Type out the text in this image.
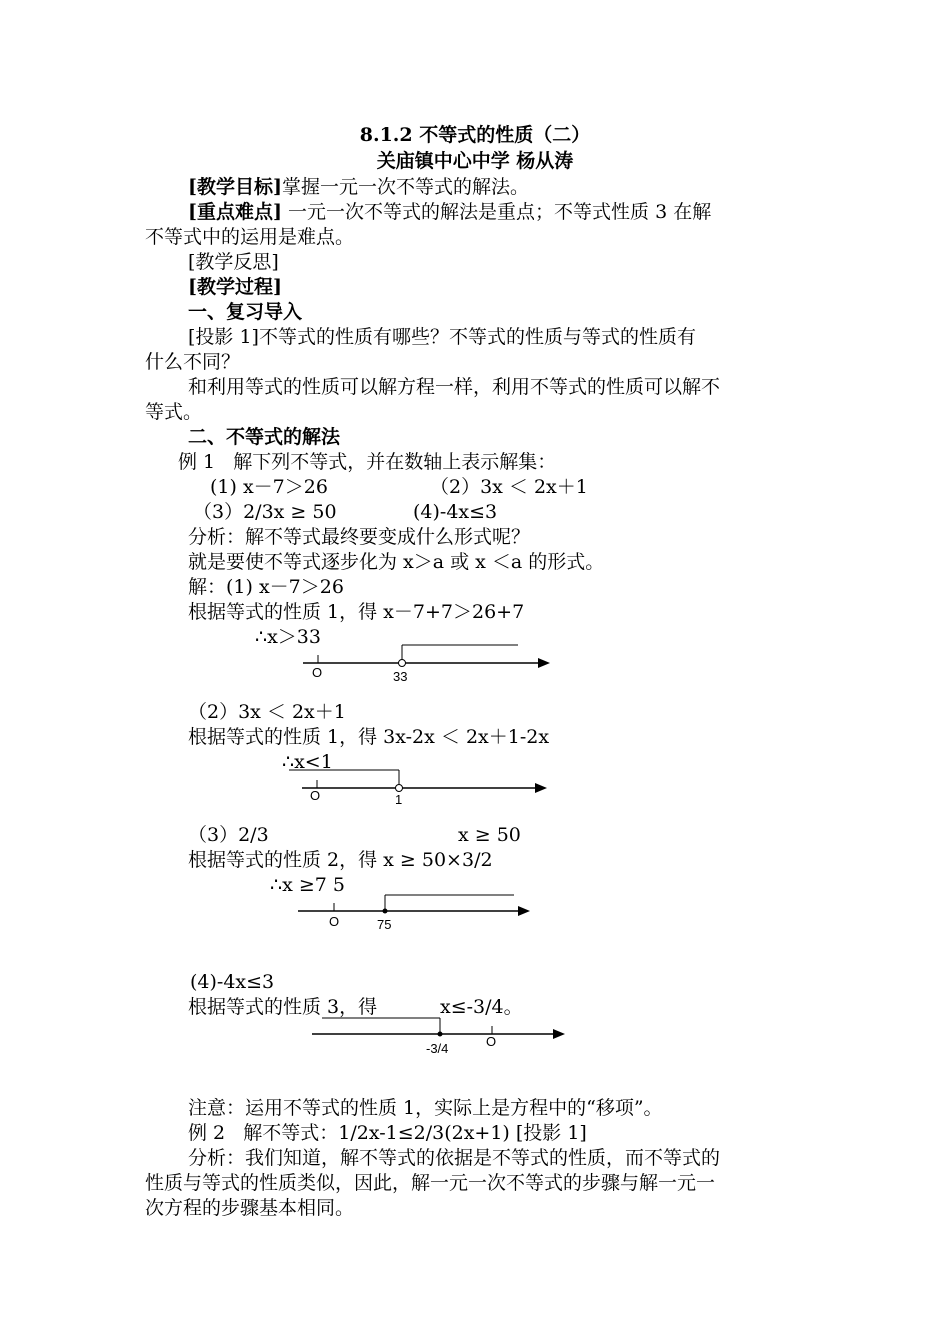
8.1.2 不等式的性质（二）
关庙镇中心中学 杨从涛
[教学目标]掌握一元一次不等式的解法。
[重点难点] 一元一次不等式的解法是重点；不等式性质 3 在解
不等式中的运用是难点。
[教学反思]
[教学过程]
一、复习导入
[投影 1]不等式的性质有哪些？不等式的性质与等式的性质有
什么不同？
和利用等式的性质可以解方程一样，利用不等式的性质可以解不
等式。
二、不等式的解法
例 1   解下列不等式，并在数轴上表示解集：
(1) x－7＞26	（2）3x ＜ 2x＋1
（3）2/3x ≥ 50	(4)-4x≤3
分析：解不等式最终要变成什么形式呢？
就是要使不等式逐步化为 x＞a 或 x ＜a 的形式。
解：(1) x－7＞26
根据等式的性质 1，得 x－7+7＞26+7
∴x＞33
O	33
（2）3x ＜ 2x＋1
根据等式的性质 1，得 3x-2x ＜ 2x＋1-2x
∴x<1
O	1
（3）2/3	x ≥ 50
根据等式的性质 2，得 x ≥ 50×3/2
∴x ≥7 5
O	75
(4)-4x≤3
根据等式的性质 3，得	x≤-3/4。
-3/4	O
注意：运用不等式的性质 1，实际上是方程中的“移项”。
例 2   解不等式：1/2x-1≤2/3(2x+1) [投影 1]
分析：我们知道，解不等式的依据是不等式的性质，而不等式的
性质与等式的性质类似，因此，解一元一次不等式的步骤与解一元一
次方程的步骤基本相同。
